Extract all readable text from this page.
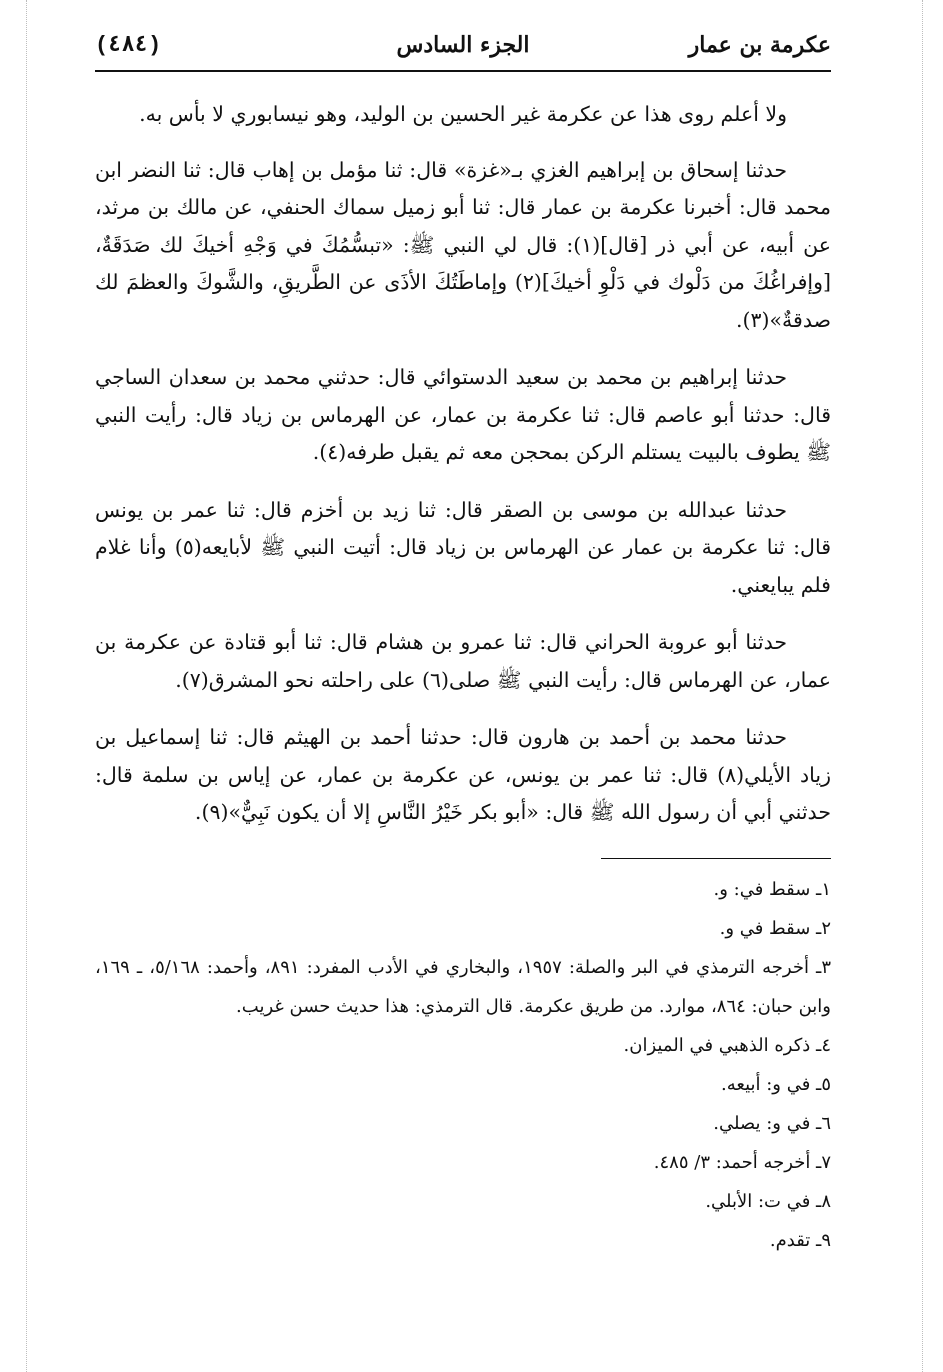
عكرمة بن عمار
الجزء السادس
(٤٨٤)

ولا أعلم روى هذا عن عكرمة غير الحسين بن الوليد، وهو نيسابوري لا بأس به.

حدثنا إسحاق بن إبراهيم الغزي بـ«غزة» قال: ثنا مؤمل بن إهاب قال: ثنا النضر ابن محمد قال: أخبرنا عكرمة بن عمار قال: ثنا أبو زميل سماك الحنفي، عن مالك بن مرثد، عن أبيه، عن أبي ذر [قال](١): قال لي النبي ﷺ: «تبسُّمُكَ في وَجْهِ أخيكَ لك صَدَقَةٌ، [وإفراغُكَ من دَلْوك في دَلْوِ أخيكَ](٢) وإماطَتُكَ الأذَى عن الطَّريقِ، والشَّوكَ والعظمَ لك صدقةٌ»(٣).

حدثنا إبراهيم بن محمد بن سعيد الدستوائي قال: حدثني محمد بن سعدان الساجي قال: حدثنا أبو عاصم قال: ثنا عكرمة بن عمار، عن الهرماس بن زياد قال: رأيت النبي ﷺ يطوف بالبيت يستلم الركن بمحجن معه ثم يقبل طرفه(٤).

حدثنا عبدالله بن موسى بن الصقر قال: ثنا زيد بن أخزم قال: ثنا عمر بن يونس قال: ثنا عكرمة بن عمار عن الهرماس بن زياد قال: أتيت النبي ﷺ لأبايعه(٥) وأنا غلام فلم يبايعني.

حدثنا أبو عروبة الحراني قال: ثنا عمرو بن هشام قال: ثنا أبو قتادة عن عكرمة بن عمار، عن الهرماس قال: رأيت النبي ﷺ صلى(٦) على راحلته نحو المشرق(٧).

حدثنا محمد بن أحمد بن هارون قال: حدثنا أحمد بن الهيثم قال: ثنا إسماعيل بن زياد الأيلي(٨) قال: ثنا عمر بن يونس، عن عكرمة بن عمار، عن إياس بن سلمة قال: حدثني أبي أن رسول الله ﷺ قال: «أبو بكر خَيْرُ النَّاسِ إلا أن يكون نَبِيٌّ»(٩).

١ـ سقط في: و.

٢ـ سقط في و.

٣ـ أخرجه الترمذي في البر والصلة: ١٩٥٧، والبخاري في الأدب المفرد: ٨٩١، وأحمد: ٥/١٦٨، ـ ١٦٩، وابن حبان: ٨٦٤، موارد. من طريق عكرمة. قال الترمذي: هذا حديث حسن غريب.

٤ـ ذكره الذهبي في الميزان.

٥ـ في و: أبيعه.

٦ـ في و: يصلي.

٧ـ أخرجه أحمد: ٣/ ٤٨٥.

٨ـ في ت: الأبلي.

٩ـ تقدم.
